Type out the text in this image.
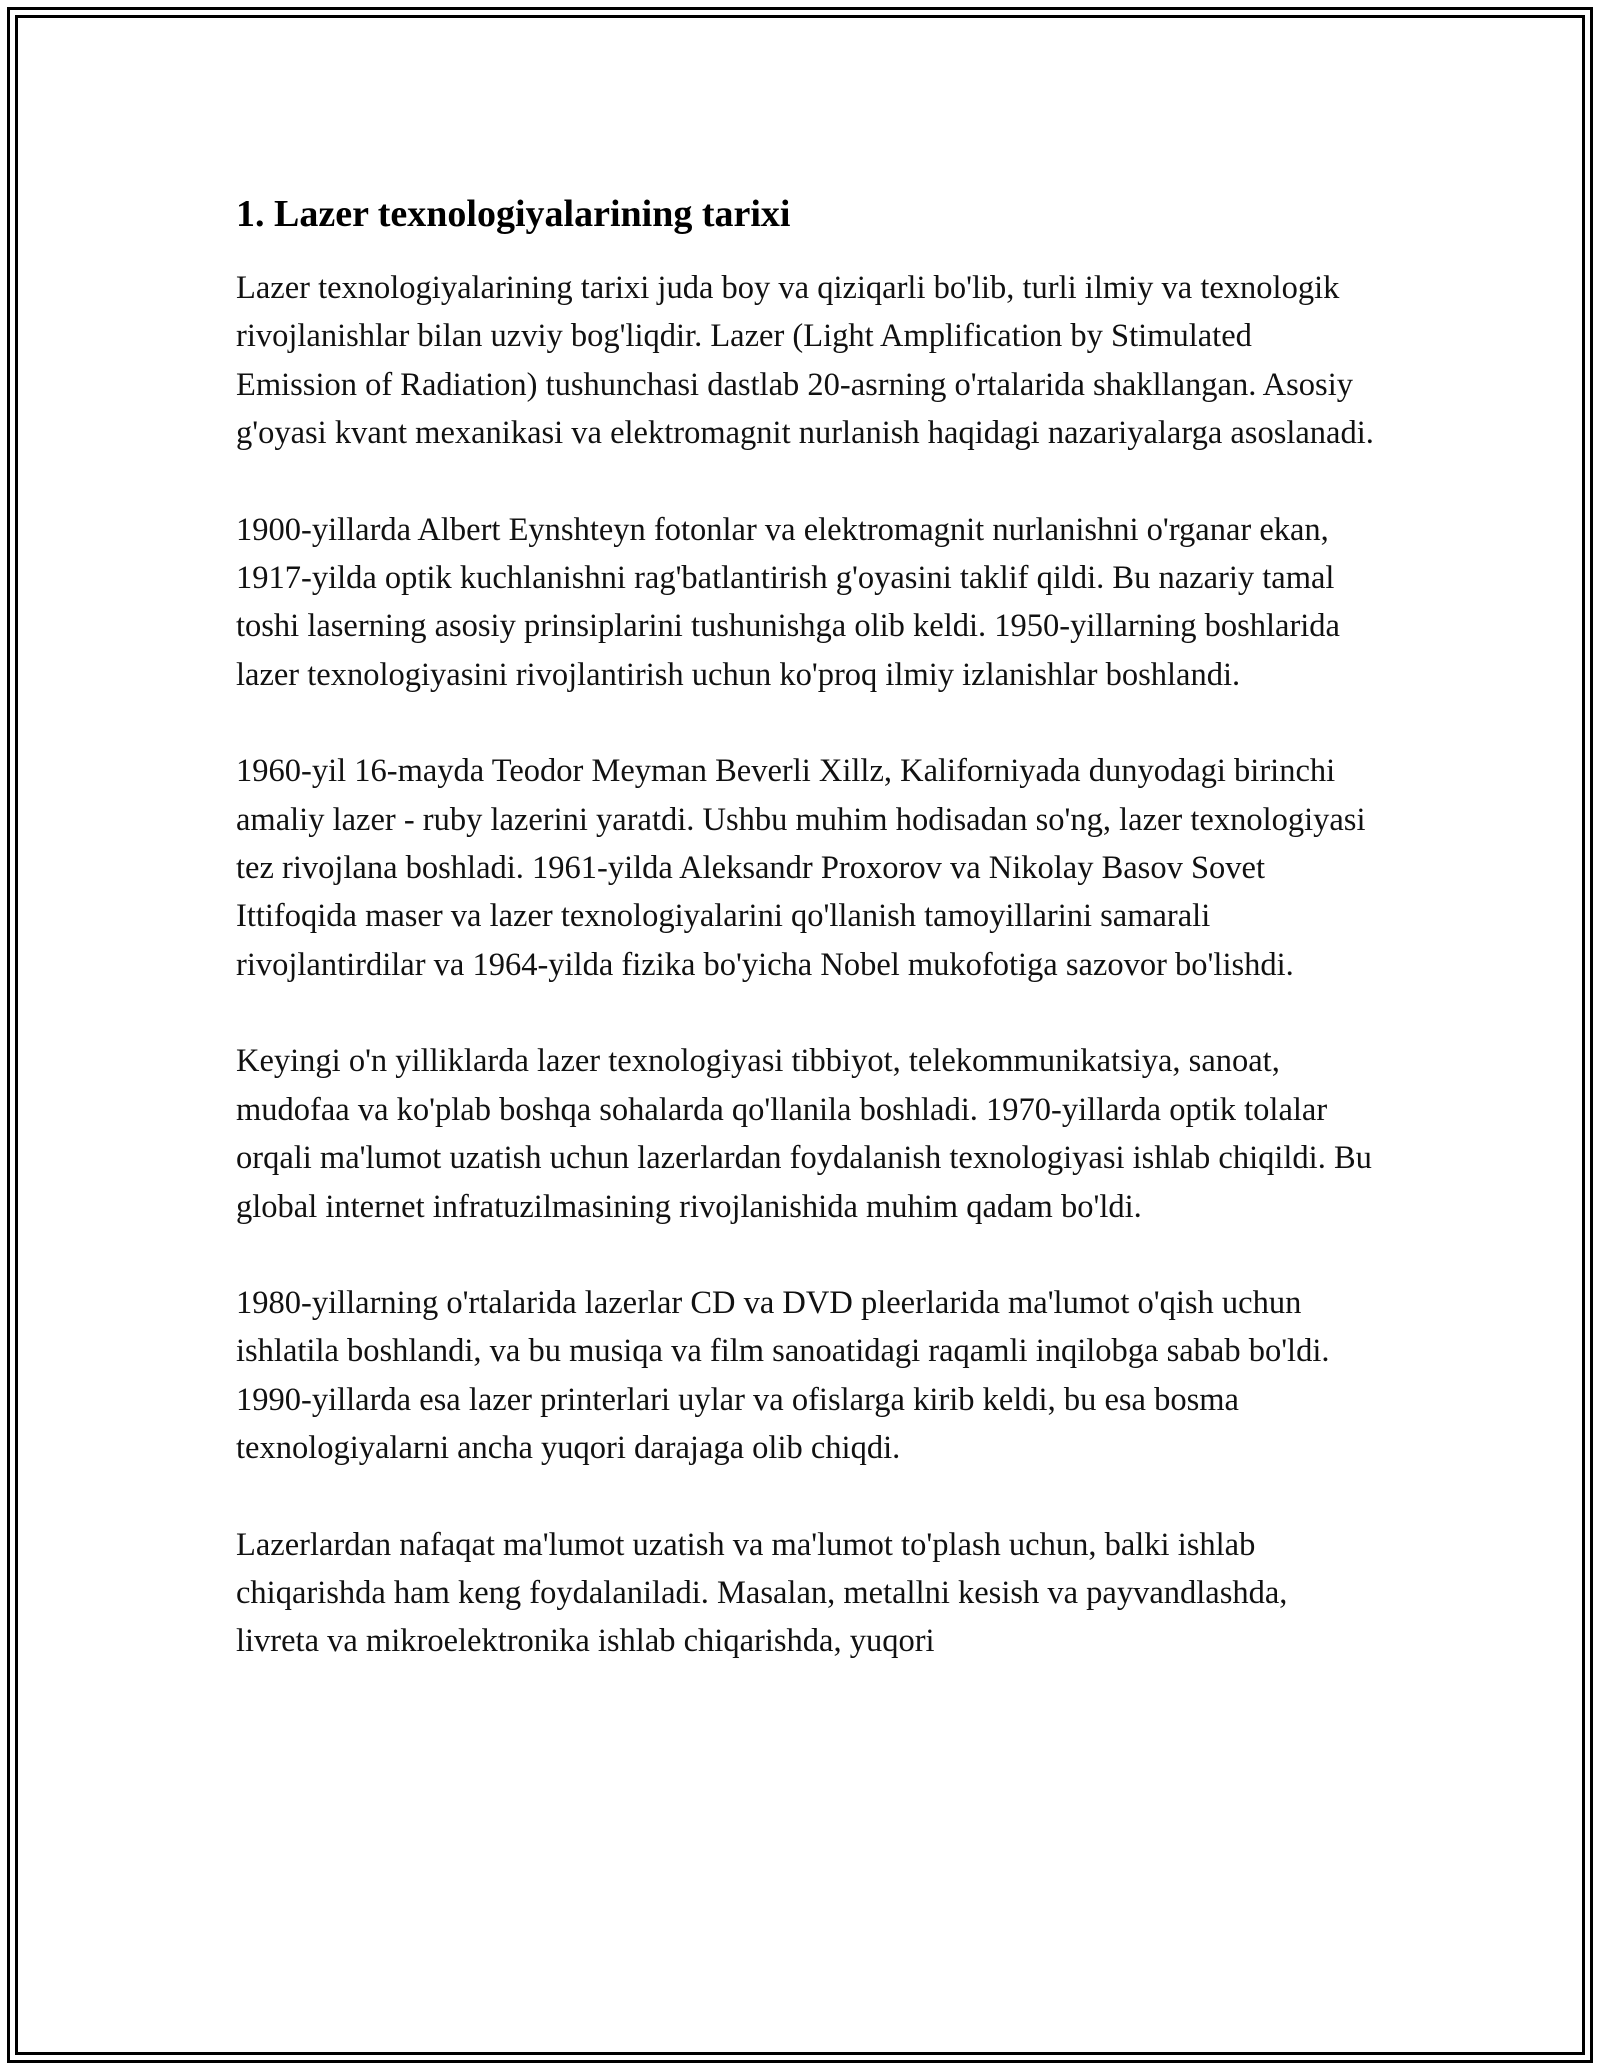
1. Lazer texnologiyalarining tarixi

Lazer texnologiyalarining tarixi juda boy va qiziqarli bo'lib, turli ilmiy va texnologik rivojlanishlar bilan uzviy bog'liqdir. Lazer (Light Amplification by Stimulated Emission of Radiation) tushunchasi dastlab 20-asrning o'rtalarida shakllangan. Asosiy g'oyasi kvant mexanikasi va elektromagnit nurlanish haqidagi nazariyalarga asoslanadi.

1900-yillarda Albert Eynshteyn fotonlar va elektromagnit nurlanishni o'rganar ekan, 1917-yilda optik kuchlanishni rag'batlantirish g'oyasini taklif qildi. Bu nazariy tamal toshi laserning asosiy prinsiplarini tushunishga olib keldi. 1950-yillarning boshlarida lazer texnologiyasini rivojlantirish uchun ko'proq ilmiy izlanishlar boshlandi.

1960-yil 16-mayda Teodor Meyman Beverli Xillz, Kaliforniyada dunyodagi birinchi amaliy lazer - ruby lazerini yaratdi. Ushbu muhim hodisadan so'ng, lazer texnologiyasi tez rivojlana boshladi. 1961-yilda Aleksandr Proxorov va Nikolay Basov Sovet Ittifoqida maser va lazer texnologiyalarini qo'llanish tamoyillarini samarali rivojlantirdilar va 1964-yilda fizika bo'yicha Nobel mukofotiga sazovor bo'lishdi.

Keyingi o'n yilliklarda lazer texnologiyasi tibbiyot, telekommunikatsiya, sanoat, mudofaa va ko'plab boshqa sohalarda qo'llanila boshladi. 1970-yillarda optik tolalar orqali ma'lumot uzatish uchun lazerlardan foydalanish texnologiyasi ishlab chiqildi. Bu global internet infratuzilmasining rivojlanishida muhim qadam bo'ldi.

1980-yillarning o'rtalarida lazerlar CD va DVD pleerlarida ma'lumot o'qish uchun ishlatila boshlandi, va bu musiqa va film sanoatidagi raqamli inqilobga sabab bo'ldi. 1990-yillarda esa lazer printerlari uylar va ofislarga kirib keldi, bu esa bosma texnologiyalarni ancha yuqori darajaga olib chiqdi.

Lazerlardan nafaqat ma'lumot uzatish va ma'lumot to'plash uchun, balki ishlab chiqarishda ham keng foydalaniladi. Masalan, metallni kesish va payvandlashda, livreta va mikroelektronika ishlab chiqarishda, yuqori
